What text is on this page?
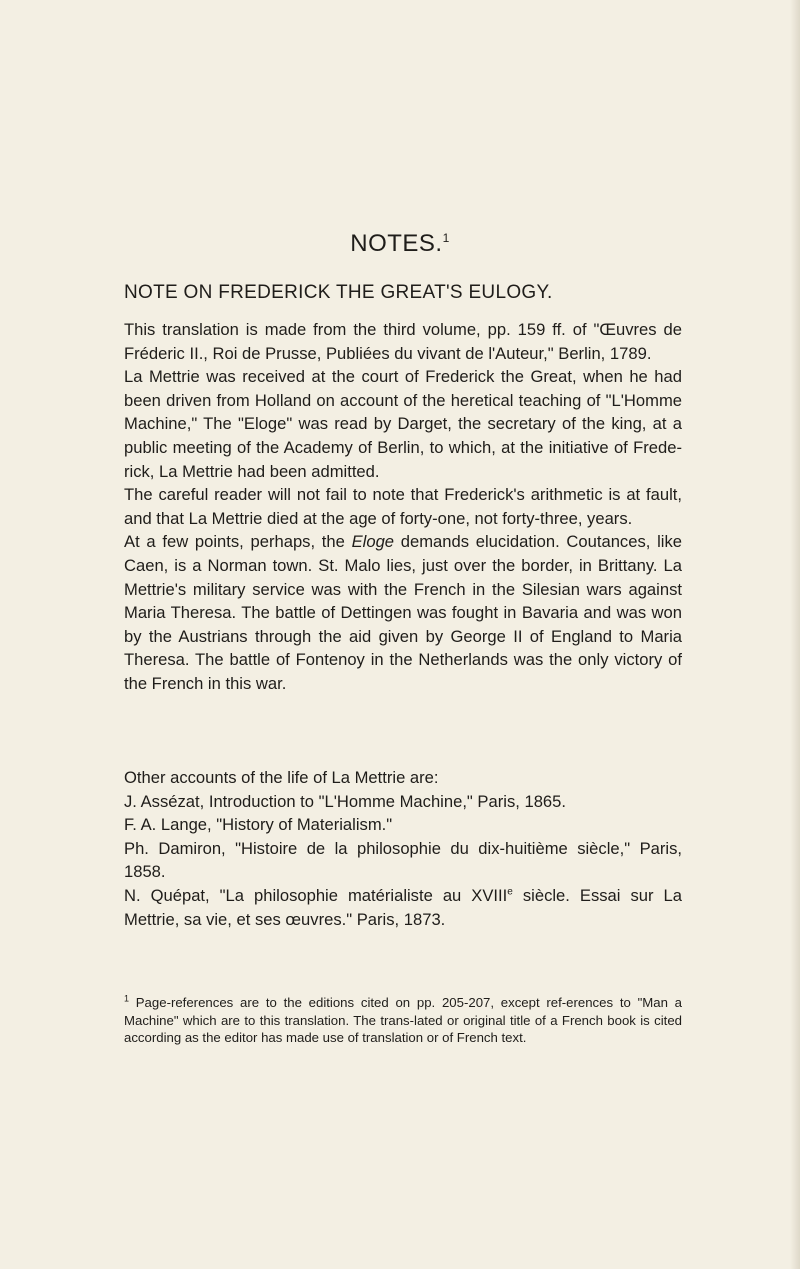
NOTES.$^1$
NOTE ON FREDERICK THE GREAT'S EULOGY.

This translation is made from the third volume, pp. 159 ff. of "Œuvres de Fréderic II., Roi de Prusse, Publiées du vivant de l'Auteur," Berlin, 1789.

La Mettrie was received at the court of Frederick the Great, when he had been driven from Holland on account of the heretical teaching of "L'Homme Machine," The "Eloge" was read by Darget, the secretary of the king, at a public meeting of the Academy of Berlin, to which, at the initiative of Frede-rick, La Mettrie had been admitted.

The careful reader will not fail to note that Frederick's arithmetic is at fault, and that La Mettrie died at the age of forty-one, not forty-three, years.

At a few points, perhaps, the Eloge demands elucidation. Coutances, like Caen, is a Norman town. St. Malo lies, just over the border, in Brittany. La Mettrie's military service was with the French in the Silesian wars against Maria Theresa. The battle of Dettingen was fought in Bavaria and was won by the Austrians through the aid given by George II of England to Maria Theresa. The battle of Fontenoy in the Netherlands was the only victory of the French in this war.

Other accounts of the life of La Mettrie are:

J. Assézat, Introduction to "L'Homme Machine," Paris, 1865.

F. A. Lange, "History of Materialism."

Ph. Damiron, "Histoire de la philosophie du dix-huitième siècle," Paris, 1858.

N. Quépat, "La philosophie matérialiste au XVIIIe siècle. Essai sur La Mettrie, sa vie, et ses œuvres." Paris, 1873.

$^1$ Page-references are to the editions cited on pp. 205-207, except ref-erences to "Man a Machine" which are to this translation. The trans-lated or original title of a French book is cited according as the editor has made use of translation or of French text.
